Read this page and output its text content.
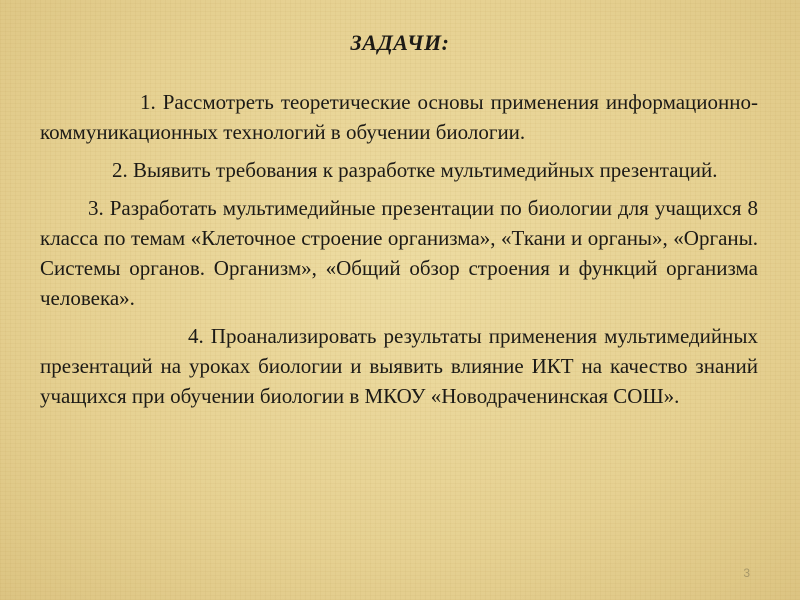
ЗАДАЧИ:

1. Рассмотреть теоретические основы применения информационно-коммуникационных технологий в обучении биологии.

2. Выявить требования к разработке мультимедийных презентаций.

3. Разработать мультимедийные презентации по биологии для учащихся 8 класса по темам «Клеточное строение организма», «Ткани и органы», «Органы. Системы органов. Организм», «Общий обзор строения и функций организма человека».

4. Проанализировать результаты применения мультимедийных презентаций на уроках биологии и выявить влияние ИКТ на качество знаний учащихся при обучении биологии в МКОУ «Новодраченинская СОШ».

3
